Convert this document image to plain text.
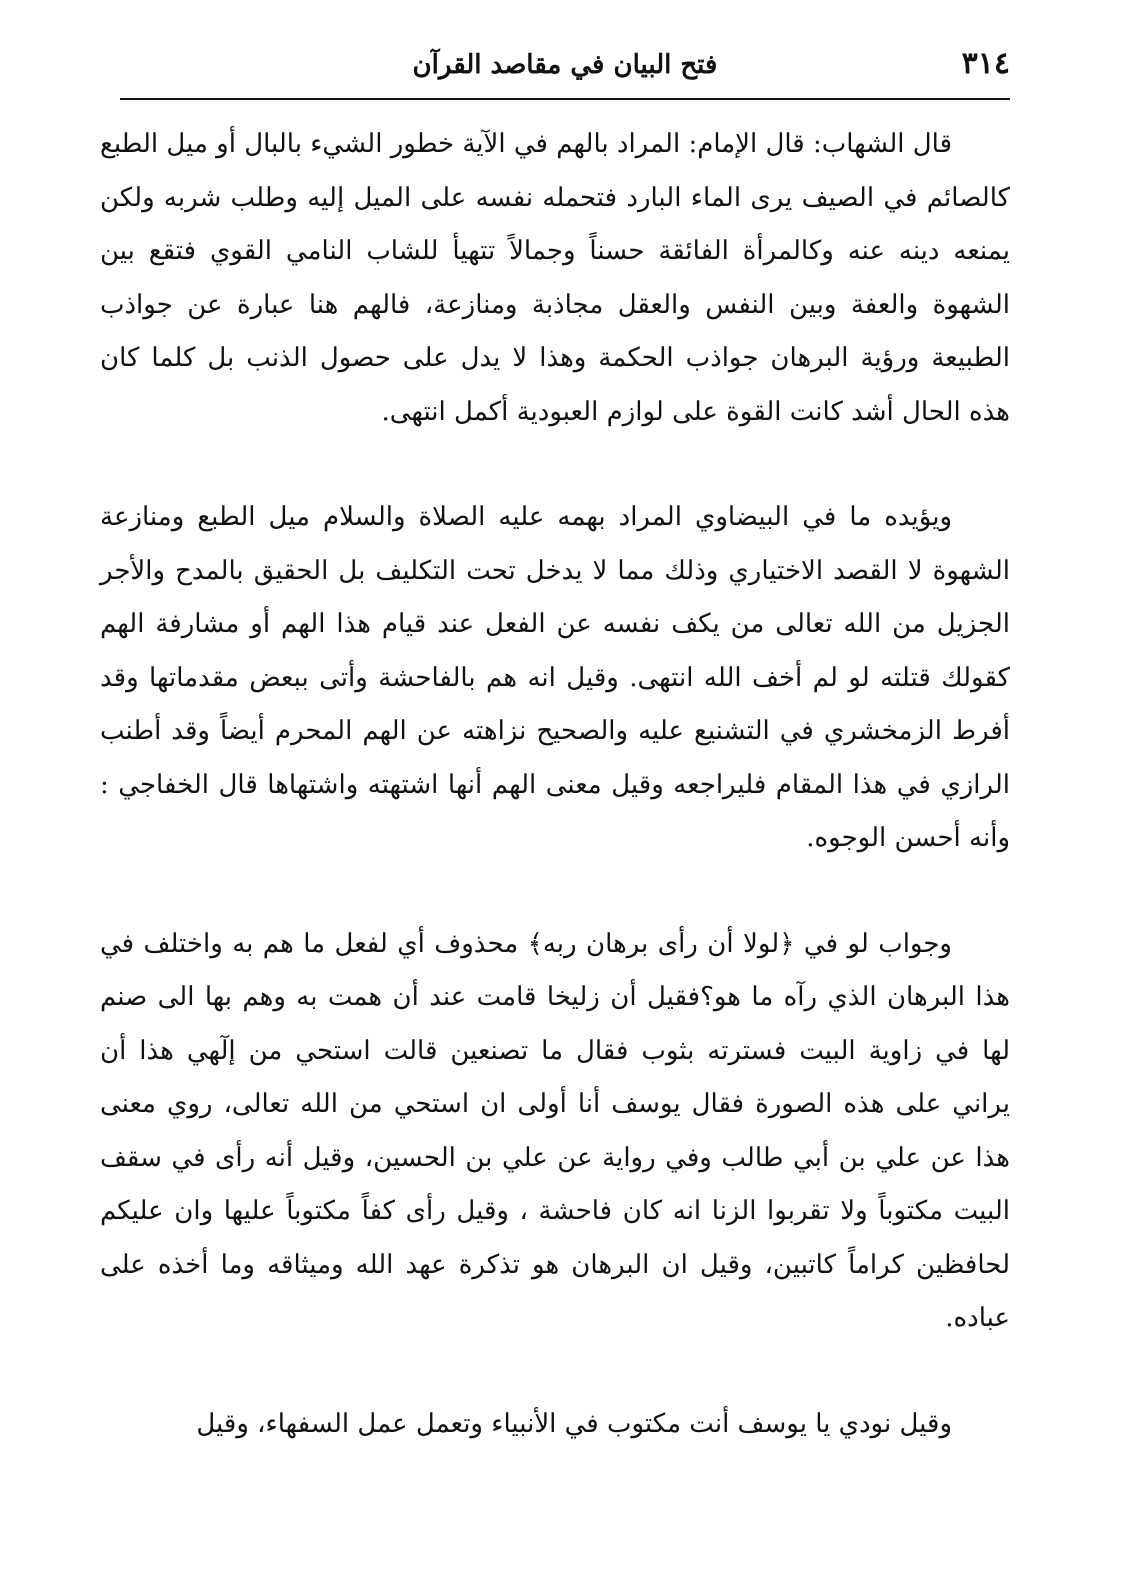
٣١٤
فتح البيان في مقاصد القرآن

قال الشهاب: قال الإمام: المراد بالهم في الآية خطور الشيء بالبال أو ميل الطبع كالصائم في الصيف يرى الماء البارد فتحمله نفسه على الميل إليه وطلب شربه ولكن يمنعه دينه عنه وكالمرأة الفائقة حسناً وجمالاً تتهيأ للشاب النامي القوي فتقع بين الشهوة والعفة وبين النفس والعقل مجاذبة ومنازعة، فالهم هنا عبارة عن جواذب الطبيعة ورؤية البرهان جواذب الحكمة وهذا لا يدل على حصول الذنب بل كلما كان هذه الحال أشد كانت القوة على لوازم العبودية أكمل انتهى.

ويؤيده ما في البيضاوي المراد بهمه عليه الصلاة والسلام ميل الطبع ومنازعة الشهوة لا القصد الاختياري وذلك مما لا يدخل تحت التكليف بل الحقيق بالمدح والأجر الجزيل من الله تعالى من يكف نفسه عن الفعل عند قيام هذا الهم أو مشارفة الهم كقولك قتلته لو لم أخف الله انتهى. وقيل انه هم بالفاحشة وأتى ببعض مقدماتها وقد أفرط الزمخشري في التشنيع عليه والصحيح نزاهته عن الهم المحرم أيضاً وقد أطنب الرازي في هذا المقام فليراجعه وقيل معنى الهم أنها اشتهته واشتهاها قال الخفاجي : وأنه أحسن الوجوه.

وجواب لو في ﴿لولا أن رأى برهان ربه﴾ محذوف أي لفعل ما هم به واختلف في هذا البرهان الذي رآه ما هو؟فقيل أن زليخا قامت عند أن همت به وهم بها الى صنم لها في زاوية البيت فسترته بثوب فقال ما تصنعين قالت استحي من إلٓهي هذا أن يراني على هذه الصورة فقال يوسف أنا أولى ان استحي من الله تعالى، روي معنى هذا عن علي بن أبي طالب وفي رواية عن علي بن الحسين، وقيل أنه رأى في سقف البيت مكتوباً ولا تقربوا الزنا انه كان فاحشة ، وقيل رأى كفاً مكتوباً عليها وان عليكم لحافظين كراماً كاتبين، وقيل ان البرهان هو تذكرة عهد الله وميثاقه وما أخذه على عباده.

وقيل نودي يا يوسف أنت مكتوب في الأنبياء وتعمل عمل السفهاء، وقيل
